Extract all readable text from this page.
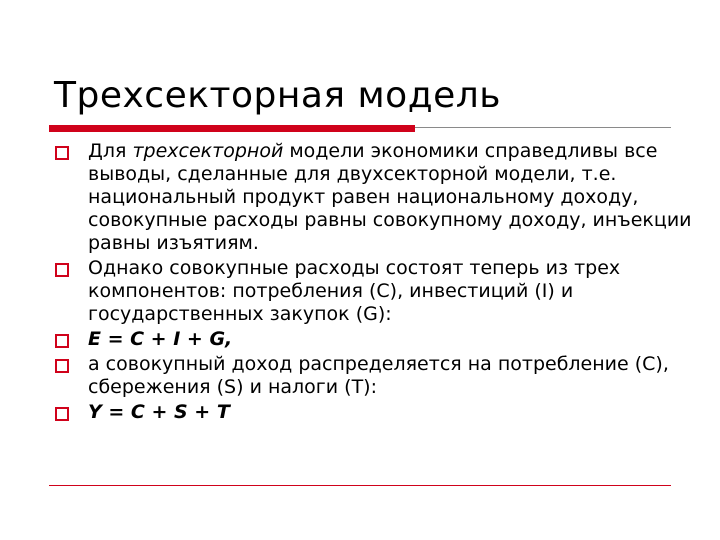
Трехсекторная модель
Для трехсекторной модели экономики справедливы все выводы, сделанные для двухсекторной модели, т.е. национальный продукт равен национальному доходу, совокупные расходы равны совокупному доходу, инъекции равны изъятиям.
Однако совокупные расходы состоят теперь из трех компонентов: потребления (C), инвестиций (I) и государственных закупок (G):
E = C + I + G,
а совокупный доход распределяется на потребление (C), сбережения (S) и налоги (T):
Y = C + S + T
